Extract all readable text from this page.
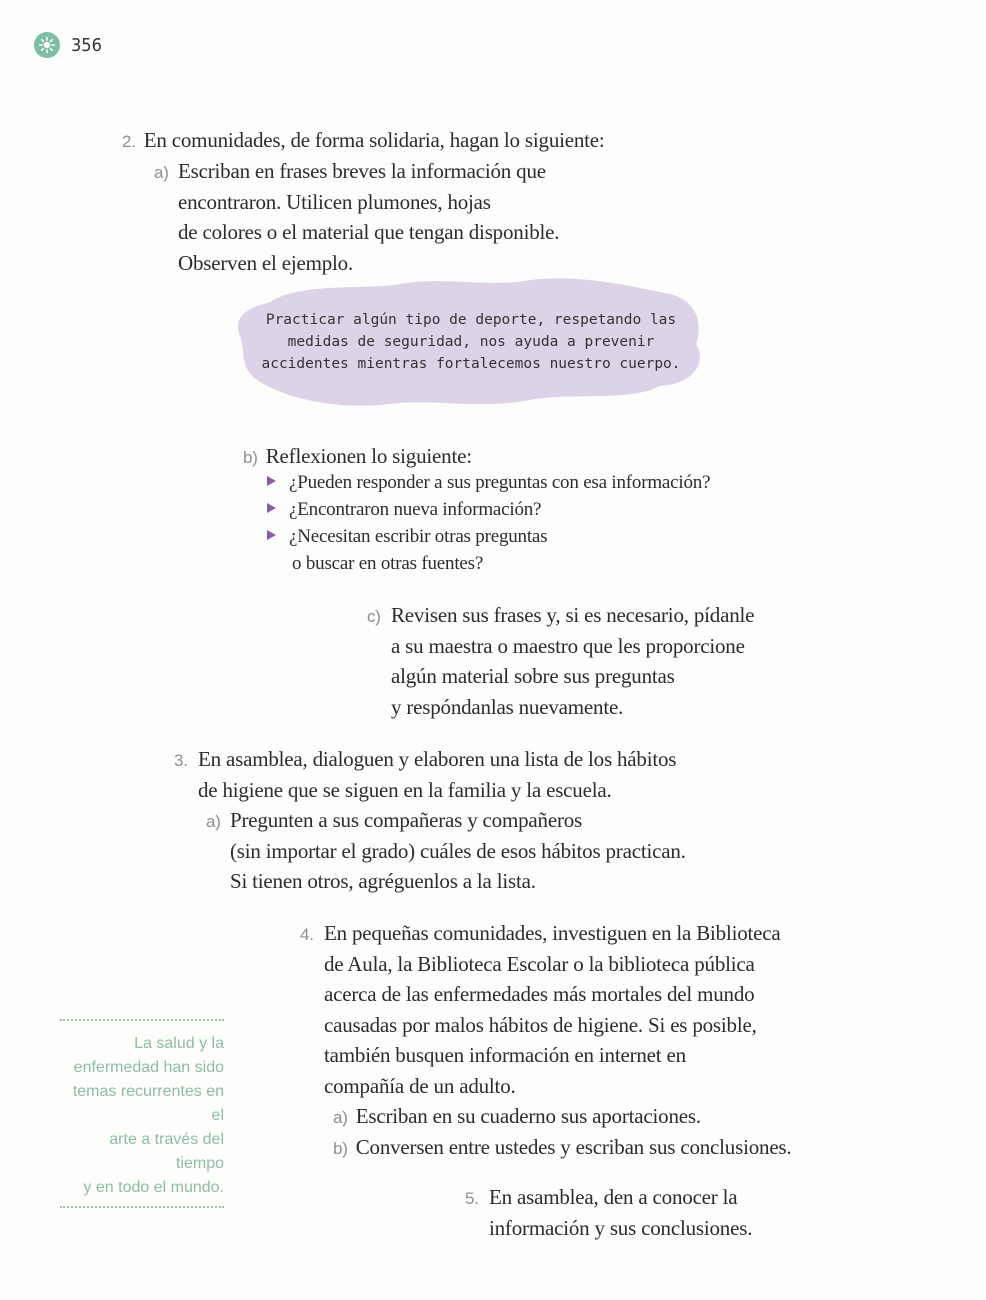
356
2. En comunidades, de forma solidaria, hagan lo siguiente:
a) Escriban en frases breves la información que
encontraron. Utilicen plumones, hojas
de colores o el material que tengan disponible.
Observen el ejemplo.
Practicar algún tipo de deporte, respetando las
medidas de seguridad, nos ayuda a prevenir
accidentes mientras fortalecemos nuestro cuerpo.
b) Reflexionen lo siguiente:
¿Pueden responder a sus preguntas con esa información?
¿Encontraron nueva información?
¿Necesitan escribir otras preguntas
o buscar en otras fuentes?
c) Revisen sus frases y, si es necesario, pídanle
a su maestra o maestro que les proporcione
algún material sobre sus preguntas
y respóndanlas nuevamente.
3. En asamblea, dialoguen y elaboren una lista de los hábitos
de higiene que se siguen en la familia y la escuela.
a) Pregunten a sus compañeras y compañeros
(sin importar el grado) cuáles de esos hábitos practican.
Si tienen otros, agréguenlos a la lista.
4. En pequeñas comunidades, investiguen en la Biblioteca
de Aula, la Biblioteca Escolar o la biblioteca pública
acerca de las enfermedades más mortales del mundo
causadas por malos hábitos de higiene. Si es posible,
también busquen información en internet en
compañía de un adulto.
a) Escriban en su cuaderno sus aportaciones.
b) Conversen entre ustedes y escriban sus conclusiones.
5. En asamblea, den a conocer la
información y sus conclusiones.
La salud y la
enfermedad han sido
temas recurrentes en el
arte a través del tiempo
y en todo el mundo.
